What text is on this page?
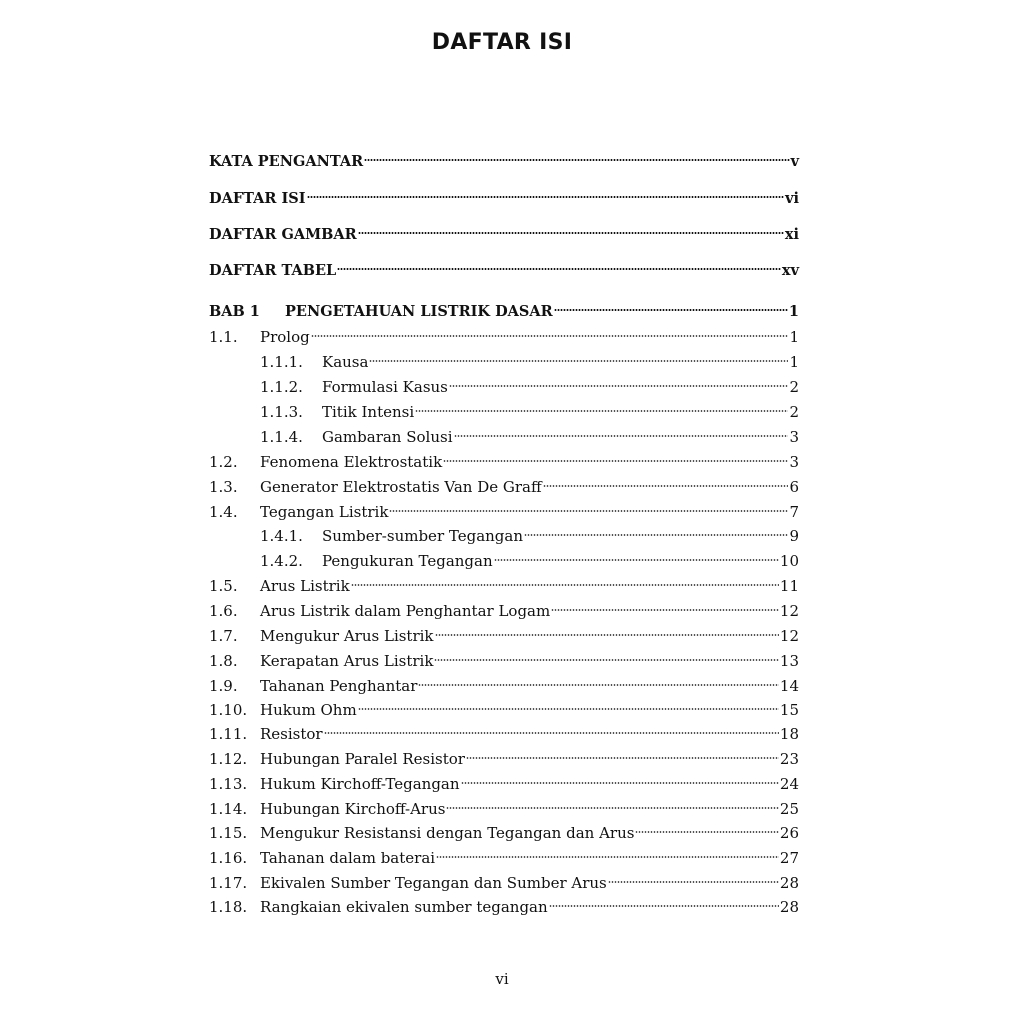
DAFTAR ISI
KATA PENGANTAR	v
DAFTAR ISI	vi
DAFTAR GAMBAR	xi
DAFTAR TABEL	xv
BAB 1	PENGETAHUAN LISTRIK DASAR	1
1.1.	Prolog	1
1.1.1.	Kausa	1
1.1.2.	Formulasi Kasus	2
1.1.3.	Titik Intensi	2
1.1.4.	Gambaran Solusi	3
1.2.	Fenomena Elektrostatik	3
1.3.	Generator Elektrostatis Van De Graff	6
1.4.	Tegangan Listrik	7
1.4.1.	Sumber-sumber Tegangan	9
1.4.2.	Pengukuran Tegangan	10
1.5.	Arus Listrik	11
1.6.	Arus Listrik dalam Penghantar Logam	12
1.7.	Mengukur Arus Listrik	12
1.8.	Kerapatan Arus Listrik	13
1.9.	Tahanan Penghantar	14
1.10. Hukum Ohm	15
1.11. Resistor	18
1.12. Hubungan Paralel Resistor	23
1.13. Hukum Kirchoff-Tegangan	24
1.14. Hubungan Kirchoff-Arus	25
1.15. Mengukur Resistansi dengan Tegangan dan Arus	26
1.16. Tahanan dalam baterai	27
1.17. Ekivalen Sumber Tegangan dan Sumber Arus	28
1.18. Rangkaian ekivalen sumber tegangan	28
vi
